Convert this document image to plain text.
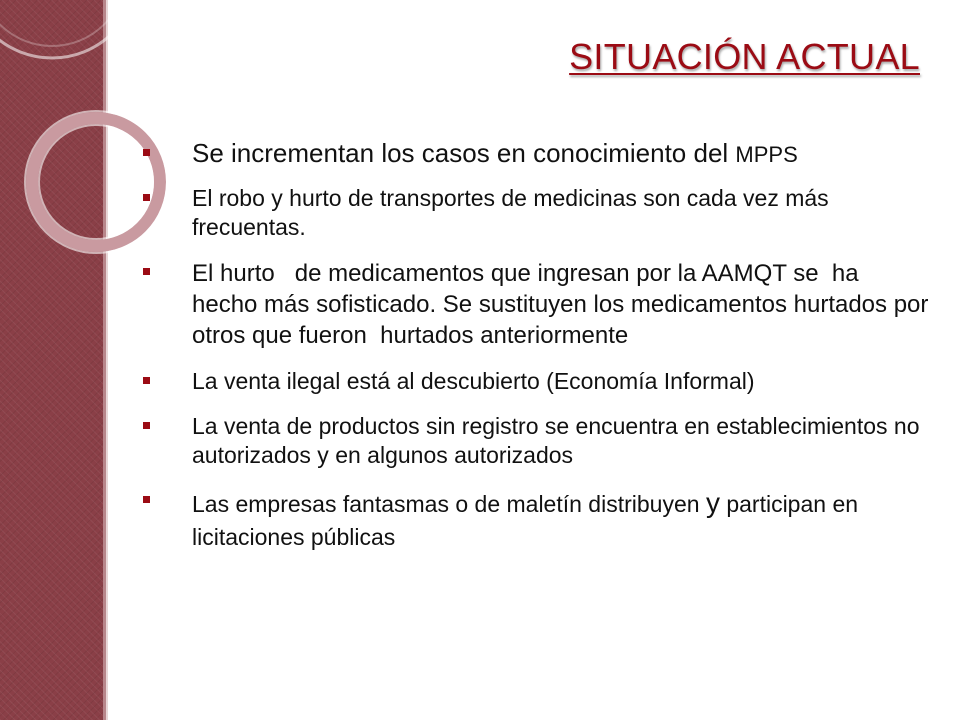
SITUACIÓN ACTUAL
Se incrementan los casos en conocimiento del MPPS
El robo y hurto de transportes de medicinas son cada vez más frecuentas.
El hurto   de medicamentos que ingresan por la AAMQT se  ha hecho más sofisticado. Se sustituyen los medicamentos hurtados por otros que fueron  hurtados anteriormente
La venta ilegal está al descubierto (Economía Informal)
La venta de productos sin registro se encuentra en establecimientos no autorizados y en algunos autorizados
Las empresas fantasmas o de maletín distribuyen y participan en licitaciones públicas
